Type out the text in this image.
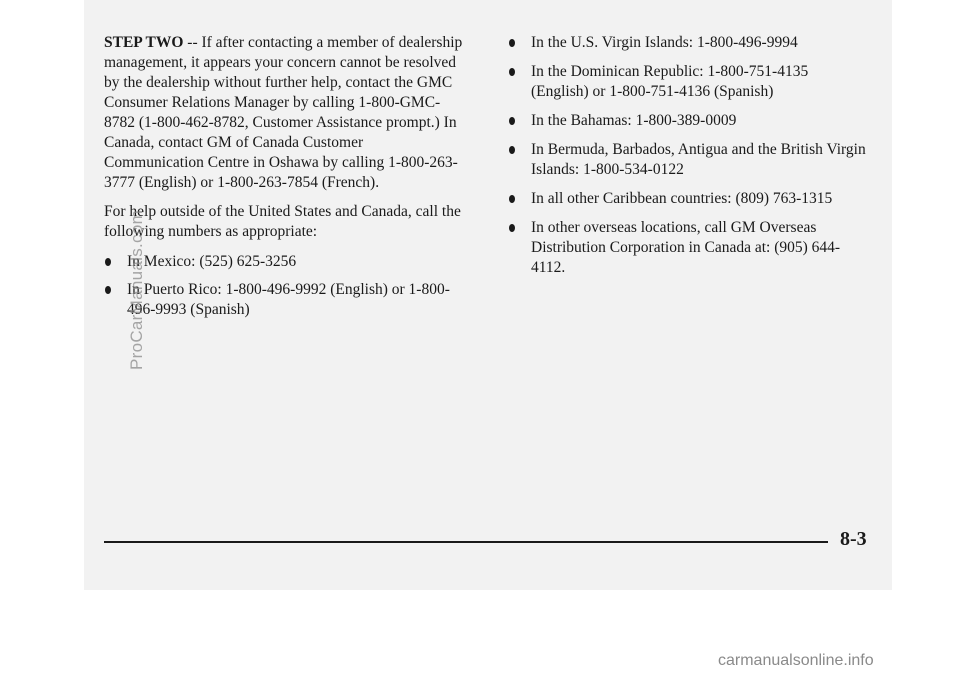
STEP TWO -- If after contacting a member of dealership management, it appears your concern cannot be resolved by the dealership without further help, contact the GMC Consumer Relations Manager by calling 1-800-GMC-8782 (1-800-462-8782, Customer Assistance prompt.) In Canada, contact GM of Canada Customer Communication Centre in Oshawa by calling 1-800-263-3777 (English) or 1-800-263-7854 (French).

For help outside of the United States and Canada, call the following numbers as appropriate:

In Mexico: (525) 625-3256
In Puerto Rico: 1-800-496-9992 (English) or 1-800-496-9993 (Spanish)
In the U.S. Virgin Islands: 1-800-496-9994
In the Dominican Republic: 1-800-751-4135 (English) or 1-800-751-4136 (Spanish)
In the Bahamas: 1-800-389-0009
In Bermuda, Barbados, Antigua and the British Virgin Islands: 1-800-534-0122
In all other Caribbean countries: (809) 763-1315
In other overseas locations, call GM Overseas Distribution Corporation in Canada at: (905) 644-4112.
8-3
ProCarManuals.com
carmanualsonline.info
